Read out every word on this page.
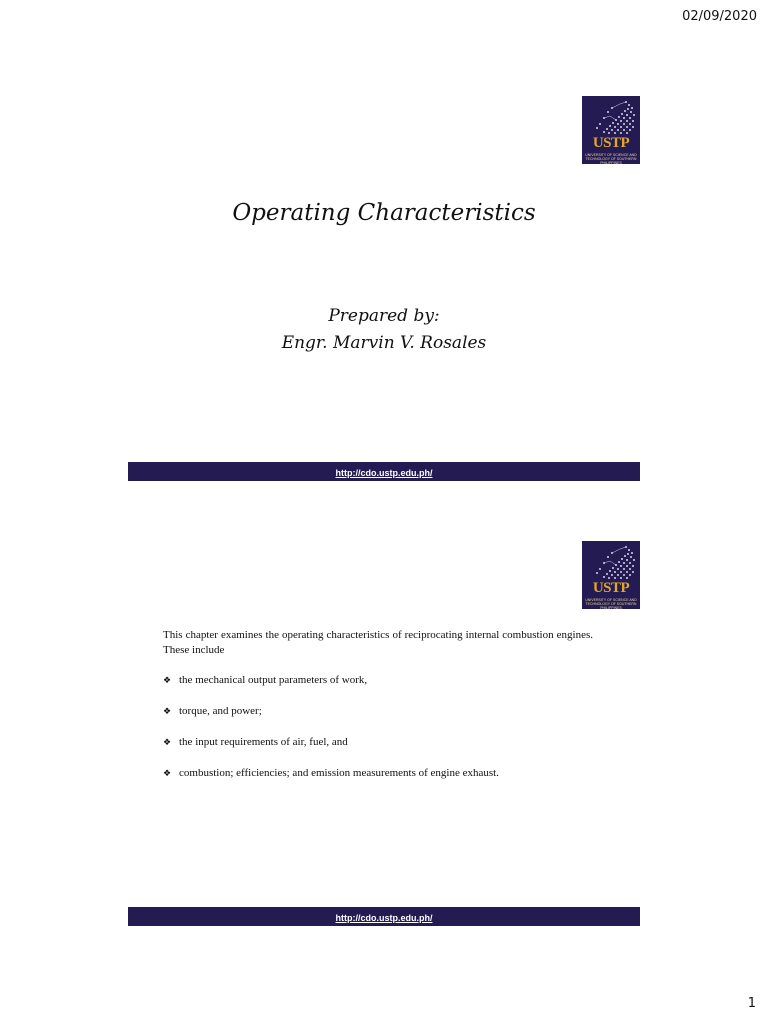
02/09/2020
USTP
UNIVERSITY OF SCIENCE AND TECHNOLOGY OF SOUTHERN PHILIPPINES
Operating Characteristics
Prepared by:
Engr. Marvin V. Rosales
http://cdo.ustp.edu.ph/
USTP
UNIVERSITY OF SCIENCE AND TECHNOLOGY OF SOUTHERN PHILIPPINES
This chapter examines the operating characteristics of reciprocating internal combustion engines. These include
❖ the mechanical output parameters of work,
❖ torque, and power;
❖ the input requirements of air, fuel, and
❖ combustion; efficiencies; and emission measurements of engine exhaust.
http://cdo.ustp.edu.ph/
1
